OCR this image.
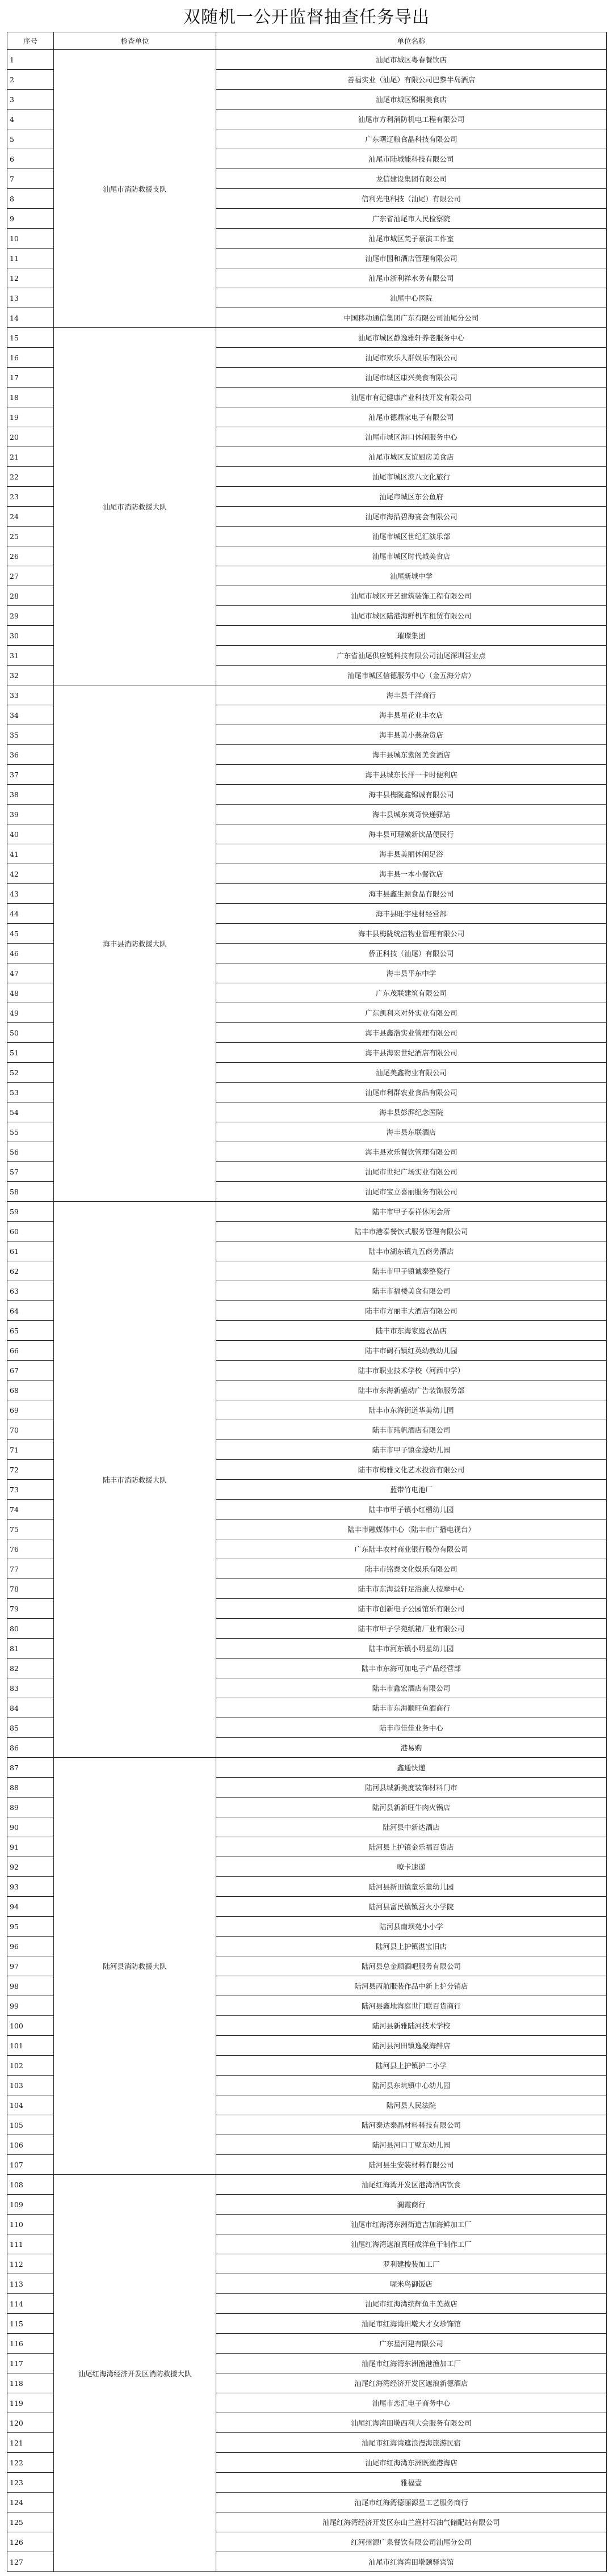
双随机一公开监督抽查任务导出
序号	检查单位	单位名称
1	汕尾市消防救援支队	汕尾市城区粤春餐饮店
2		善福实业（汕尾）有限公司巴黎半岛酒店
3		汕尾市城区锦桐美食店
4		汕尾市方利消防机电工程有限公司
5		广东曙辽粮食晶科技有限公司
6		汕尾市陆城能科技有限公司
7		龙信建设集团有限公司
8		信利光电科技（汕尾）有限公司
9		广东省汕尾市人民检察院
10		汕尾市城区梵子豪演工作室
11		汕尾市国和酒店管理有限公司
12		汕尾市浙利祥水务有限公司
13		汕尾中心医院
14		中国移动通信集团广东有限公司汕尾分公司
15	汕尾市消防救援大队	汕尾市城区静逸雅轩养老服务中心
16		汕尾市欢乐人群娱乐有限公司
17		汕尾市城区康兴美食有限公司
18		汕尾市有记健康产业科技开发有限公司
19		汕尾市德鼎家电子有限公司
20		汕尾市城区海口休闲服务中心
21		汕尾市城区友谊厨房美食店
22		汕尾市城区滨八文化旅行
23		汕尾市城区东公鱼府
24		汕尾市海沿碧海宴会有限公司
25		汕尾市城区世纪汇演乐部
26		汕尾市城区时代城美食店
27		汕尾新城中学
28		汕尾市城区开艺建筑装饰工程有限公司
29		汕尾市城区陆港海鲜机车租赁有限公司
30		璀璨集团
31		广东省汕尾供应链科技有限公司汕尾深圳营业点
32		汕尾市城区信德服务中心（金五海分店）
33	海丰县消防救援大队	海丰县千洋商行
34		海丰县星花业丰衣店
35		海丰县美小燕杂货店
36		海丰县城东紫阁美食酒店
37		海丰县城东长洋一卡时便利店
38		海丰县梅陇鑫锦诚有限公司
39		海丰县城东爽奇快递驿站
40		海丰县可珊嫩新饮品便民行
41		海丰县美丽休闲足浴
42		海丰县一本小餐饮店
43		海丰县鑫生源食品有限公司
44		海丰县旺宇建材经营部
45		海丰县梅陇统洁物业管理有限公司
46		侨正科技（汕尾）有限公司
47		海丰县平东中学
48		广东茂联建筑有限公司
49		广东凯利来对外实业有限公司
50		海丰县鑫浩实业管理有限公司
51		海丰县海宏世纪酒店有限公司
52		汕尾美鑫物业有限公司
53		汕尾市利群农业食品有限公司
54		海丰县彭湃纪念医院
55		海丰县东联酒店
56		海丰县欢乐餐饮管理有限公司
57		汕尾市世纪广场实业有限公司
58		汕尾市宝立喜丽服务有限公司
59	陆丰市消防救援大队	陆丰市甲子泰祥休闲会所
60		陆丰市港泰餐饮式服务管理有限公司
61		陆丰市湖东镇九五商务酒店
62		陆丰市甲子镇诚泰整瓷行
63		陆丰市福楼美食有限公司
64		陆丰市方丽丰大酒店有限公司
65		陆丰市东海家庭衣品店
66		陆丰市碣石镇红英幼教幼儿园
67		陆丰市职业技术学校（河西中学）
68		陆丰市东海新盛动广告装饰服务部
69		陆丰市东海街道华美幼儿园
70		陆丰市玮帆酒店有限公司
71		陆丰市甲子镇金濠幼儿园
72		陆丰市梅雅文化艺术投资有限公司
73		蓝带竹电池厂
74		陆丰市甲子镇小红榴幼儿园
75		陆丰市融媒体中心（陆丰市广播电视台）
76		广东陆丰农村商业银行股份有限公司
77		陆丰市铭泰文化娱乐有限公司
78		陆丰市东海蕊轩足浴康人按摩中心
79		陆丰市创新电子公园馆乐有限公司
80		陆丰市甲子学苑纸箱厂业有限公司
81		陆丰市河东镇小明星幼儿园
82		陆丰市东海可加电子产品经营部
83		陆丰市鑫宏酒店有限公司
84		陆丰市东海顺旺鱼酒商行
85		陆丰市佳佳业务中心
86		港易购
87	陆河县消防救援大队	鑫通快递
88		陆河县城新美度装饰材料门市
89		陆河县新新旺牛肉火锅店
90		陆河县中新达酒店
91		陆河县上护镇金乐福百货店
92		嘹卡速递
93		陆河县新田镇童乐童幼儿园
94		陆河县富民镇镇营火小学院
95		陆河县南坝苑小小学
96		陆河县上护镇湛宝旧店
97		陆河县总金顺酒吧服务有限公司
98		陆河县丙航服装作品中新上护分销店
99		陆河县鑫地海庭世门联百货商行
100		陆河县新雅陆河技术学校
101		陆河县河田镇逸聚海鲜店
102		陆河县上护镇护二小学
103		陆河县东坑镇中心幼儿园
104		陆河县人民法院
105		陆河泰达泰晶材料科技有限公司
106		陆河县河口丁壁东幼儿园
107		陆河县生安装材料有限公司
108	汕尾红海湾经济开发区消防救援大队	汕尾红海湾开发区港湾酒店饮食
109		澜霞商行
110		汕尾市红海湾东洲街道吉加海鲜加工厂
111		汕尾红海湾遮浪真旺成洋鱼干制作工厂
112		罗利建梭装加工厂
113		喔米鸟御饭店
114		汕尾市红海湾缤辉鱼丰美蒸店
115		汕尾市红海湾田墘大才女珍饰馆
116		广东星河建有限公司
117		汕尾市红海湾东洲渔港渔加工厂
118		汕尾红海湾经济开发区遮浪新德酒店
119		汕尾市恋汇电子商务中心
120		汕尾红海湾田墘西利大会服务有限公司
121		汕尾市红海湾遮浪漫海旅游民宿
122		汕尾市红海湾东洲既渔港海店
123		雅福壹
124		汕尾市红海湾德丽源星工艺服务商行
125		汕尾红海湾经济开发区东山兰渔村石油气储配站有限公司
126		红河州源广泉餐饮有限公司汕尾分公司
127		汕尾市红海湾田墘颐驿宾馆
